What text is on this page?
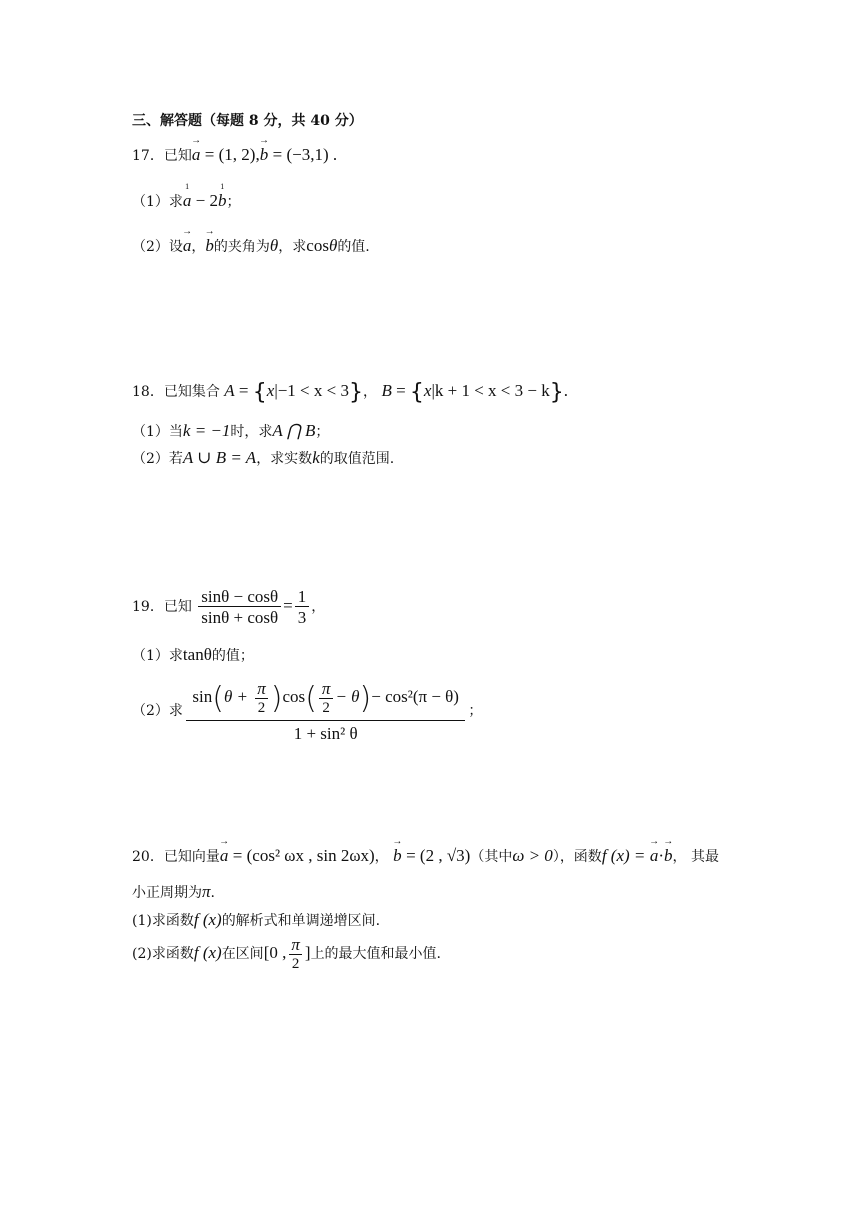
三、解答题（每题 8 分，共 40 分）
17．已知→ a = (1, 2),→ b = (−3,1) .
（1）求1 a − 21 b；
（2）设→ a，→ b的夹角为θ，求cosθ的值.
18．已知集合 A = {x|−1 < x < 3}， B = {x|k + 1 < x < 3 − k}.
（1）当k = −1时，求A ⋂ B；
（2）若A ∪ B = A，求实数k的取值范围.
19．已知 $\frac{\sin\theta - \cos\theta}{\sin\theta + \cos\theta} = \frac{1}{3}$ ，
（1）求tanθ的值；
（2）求 $\frac{\sin(\theta + \frac{\pi}{2} )\cos( \frac{\pi}{2} - \theta)- \cos^2(\pi - \theta)}{\text{1 + sin² θ}}$ ；
20．已知向量→ a = (cos² ωx , sin 2ωx)， → b = (2 , √3)（其中ω > 0），函数f (x) = → a·→ b， 其最
小正周期为π.
(1)求函数f (x)的解析式和单调递增区间.
(2)求函数f (x)在区间[0 , $\frac{\pi}{2}$ ]上的最大值和最小值.
